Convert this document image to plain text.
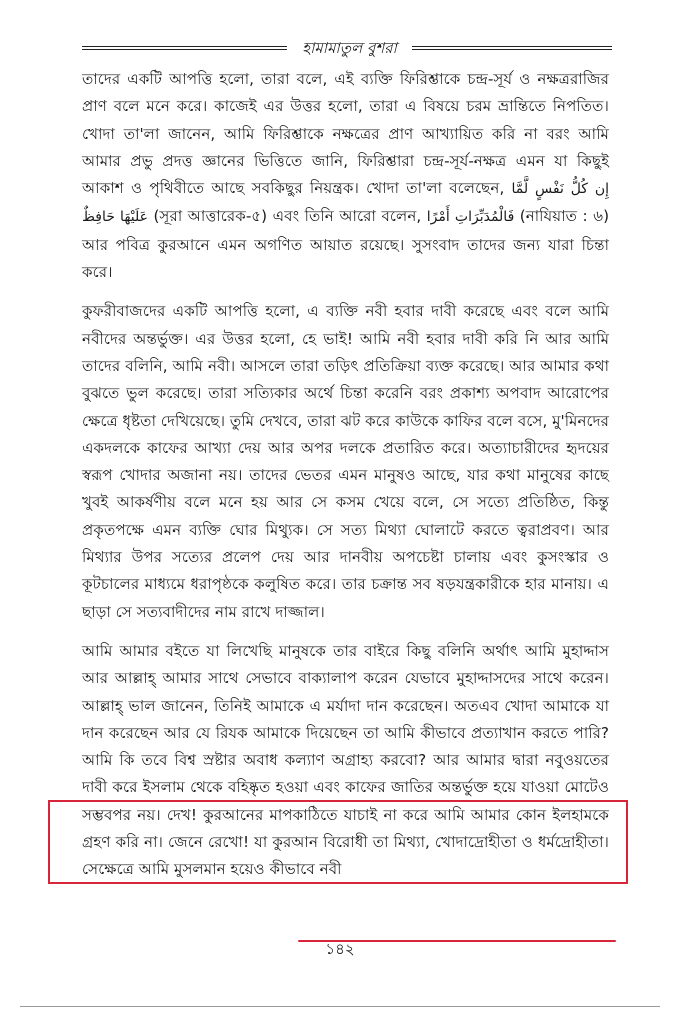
হামামাতুল বুশরা

তাদের একটি আপত্তি হলো, তারা বলে, এই ব্যক্তি ফিরিশ্তাকে চন্দ্র-সূর্য ও নক্ষত্ররাজির প্রাণ বলে মনে করে। কাজেই এর উত্তর হলো, তারা এ বিষয়ে চরম ভ্রান্তিতে নিপতিত। খোদা তা'লা জানেন, আমি ফিরিশ্তাকে নক্ষত্রের প্রাণ আখ্যায়িত করি না বরং আমি আমার প্রভু প্রদত্ত জ্ঞানের ভিত্তিতে জানি, ফিরিশ্তারা চন্দ্র-সূর্য-নক্ষত্র এমন যা কিছুই আকাশ ও পৃথিবীতে আছে সবকিছুর নিয়ন্ত্রক। খোদা তা'লা বলেছেন, إِن كُلُّ نَفْسٍ لَّمَّا عَلَيْهَا حَافِظٌ (সূরা আত্তারেক-৫) এবং তিনি আরো বলেন, فَالْمُدَبِّرَاتِ أَمْرًا (নাযিয়াত : ৬) আর পবিত্র কুরআনে এমন অগণিত আয়াত রয়েছে। সুসংবাদ তাদের জন্য যারা চিন্তা করে।

কুফরীবাজদের একটি আপত্তি হলো, এ ব্যক্তি নবী হবার দাবী করেছে এবং বলে আমি নবীদের অন্তর্ভুক্ত। এর উত্তর হলো, হে ভাই! আমি নবী হবার দাবী করি নি আর আমি তাদের বলিনি, আমি নবী। আসলে তারা তড়িৎ প্রতিক্রিয়া ব্যক্ত করেছে। আর আমার কথা বুঝতে ভুল করেছে। তারা সত্যিকার অর্থে চিন্তা করেনি বরং প্রকাশ্য অপবাদ আরোপের ক্ষেত্রে ধৃষ্টতা দেখিয়েছে। তুমি দেখবে, তারা ঝট করে কাউকে কাফির বলে বসে, মু'মিনদের একদলকে কাফের আখ্যা দেয় আর অপর দলকে প্রতারিত করে। অত্যাচারীদের হৃদয়ের স্বরূপ খোদার অজানা নয়। তাদের ভেতর এমন মানুষও আছে, যার কথা মানুষের কাছে খুবই আকর্ষণীয় বলে মনে হয় আর সে কসম খেয়ে বলে, সে সত্যে প্রতিষ্ঠিত, কিন্তু প্রকৃতপক্ষে এমন ব্যক্তি ঘোর মিথ্যুক। সে সত্য মিথ্যা ঘোলাটে করতে ত্বরাপ্রবণ। আর মিথ্যার উপর সত্যের প্রলেপ দেয় আর দানবীয় অপচেষ্টা চালায় এবং কুসংস্কার ও কূটচালের মাধ্যমে ধরাপৃষ্ঠকে কলুষিত করে। তার চক্রান্ত সব ষড়যন্ত্রকারীকে হার মানায়। এ ছাড়া সে সত্যবাদীদের নাম রাখে দাজ্জাল।

আমি আমার বইতে যা লিখেছি মানুষকে তার বাইরে কিছু বলিনি অর্থাৎ আমি মুহাদ্দাস আর আল্লাহ্ আমার সাথে সেভাবে বাক্যালাপ করেন যেভাবে মুহাদ্দাসদের সাথে করেন। আল্লাহ্ ভাল জানেন, তিনিই আমাকে এ মর্যাদা দান করেছেন। অতএব খোদা আমাকে যা দান করেছেন আর যে রিযক আমাকে দিয়েছেন তা আমি কীভাবে প্রত্যাখান করতে পারি? আমি কি তবে বিশ্ব স্রষ্টার অবাধ কল্যাণ অগ্রাহ্য করবো? আর আমার দ্বারা নবুওয়তের দাবী করে ইসলাম থেকে বহিষ্কৃত হওয়া এবং কাফের জাতির অন্তর্ভুক্ত হয়ে যাওয়া মোটেও সম্ভবপর নয়। দেখ! কুরআনের মাপকাঠিতে যাচাই না করে আমি আমার কোন ইলহামকে গ্রহণ করি না। জেনে রেখো! যা কুরআন বিরোধী তা মিথ্যা, খোদাদ্রোহীতা ও ধর্মদ্রোহীতা। সেক্ষেত্রে আমি মুসলমান হয়েও কীভাবে নবী

১৪২
